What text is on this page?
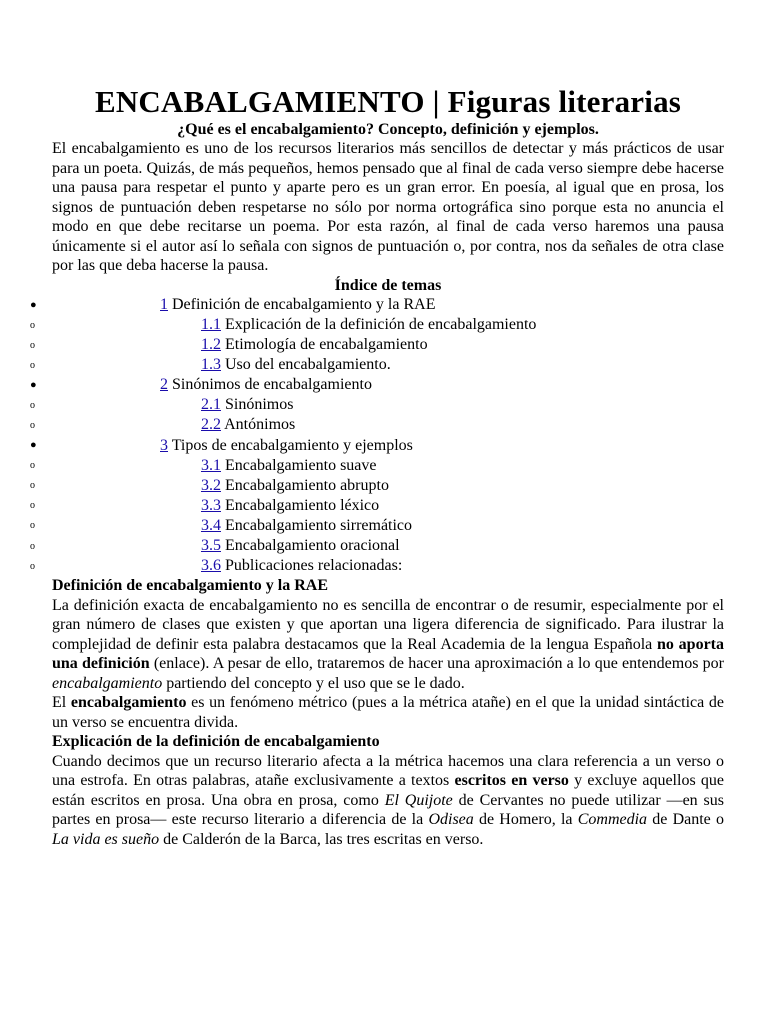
ENCABALGAMIENTO | Figuras literarias
¿Qué es el encabalgamiento? Concepto, definición y ejemplos.

El encabalgamiento es uno de los recursos literarios más sencillos de detectar y más prácticos de usar para un poeta. Quizás, de más pequeños, hemos pensado que al final de cada verso siempre debe hacerse una pausa para respetar el punto y aparte pero es un gran error. En poesía, al igual que en prosa, los signos de puntuación deben respetarse no sólo por norma ortográfica sino porque esta no anuncia el modo en que debe recitarse un poema. Por esta razón, al final de cada verso haremos una pausa únicamente si el autor así lo señala con signos de puntuación o, por contra, nos da señales de otra clase por las que deba hacerse la pausa.

Índice de temas
●	1 Definición de encabalgamiento y la RAE
o	1.1 Explicación de la definición de encabalgamiento
o	1.2 Etimología de encabalgamiento
o	1.3 Uso del encabalgamiento.
●	2 Sinónimos de encabalgamiento
o	2.1 Sinónimos
o	2.2 Antónimos
●	3 Tipos de encabalgamiento y ejemplos
o	3.1 Encabalgamiento suave
o	3.2 Encabalgamiento abrupto
o	3.3 Encabalgamiento léxico
o	3.4 Encabalgamiento sirremático
o	3.5 Encabalgamiento oracional
o	3.6 Publicaciones relacionadas:
Definición de encabalgamiento y la RAE

La definición exacta de encabalgamiento no es sencilla de encontrar o de resumir, especialmente por el gran número de clases que existen y que aportan una ligera diferencia de significado. Para ilustrar la complejidad de definir esta palabra destacamos que la Real Academia de la lengua Española no aporta una definición (enlace). A pesar de ello, trataremos de hacer una aproximación a lo que entendemos por encabalgamiento partiendo del concepto y el uso que se le dado.

El encabalgamiento es un fenómeno métrico (pues a la métrica atañe) en el que la unidad sintáctica de un verso se encuentra divida.

Explicación de la definición de encabalgamiento

Cuando decimos que un recurso literario afecta a la métrica hacemos una clara referencia a un verso o una estrofa. En otras palabras, atañe exclusivamente a textos escritos en verso y excluye aquellos que están escritos en prosa. Una obra en prosa, como El Quijote de Cervantes no puede utilizar —en sus partes en prosa— este recurso literario a diferencia de la Odisea de Homero, la Commedia de Dante o La vida es sueño de Calderón de la Barca, las tres escritas en verso.
